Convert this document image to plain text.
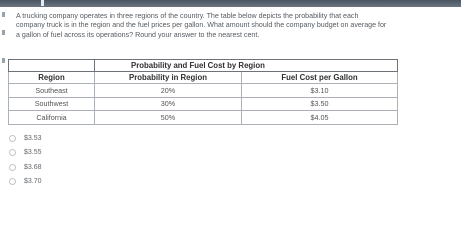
A trucking company operates in three regions of the country. The table below depicts the probability that each
company truck is in the region and the fuel prices per gallon. What amount should the company budget on average for
a gallon of fuel across its operations? Round your answer to the nearest cent.
	Probability and Fuel Cost by Region	
Region	Probability in Region	Fuel Cost per Gallon
Southeast	20%	$3.10
Southwest	30%	$3.50
California	50%	$4.05
$3.53
$3.55
$3.68
$3.70
